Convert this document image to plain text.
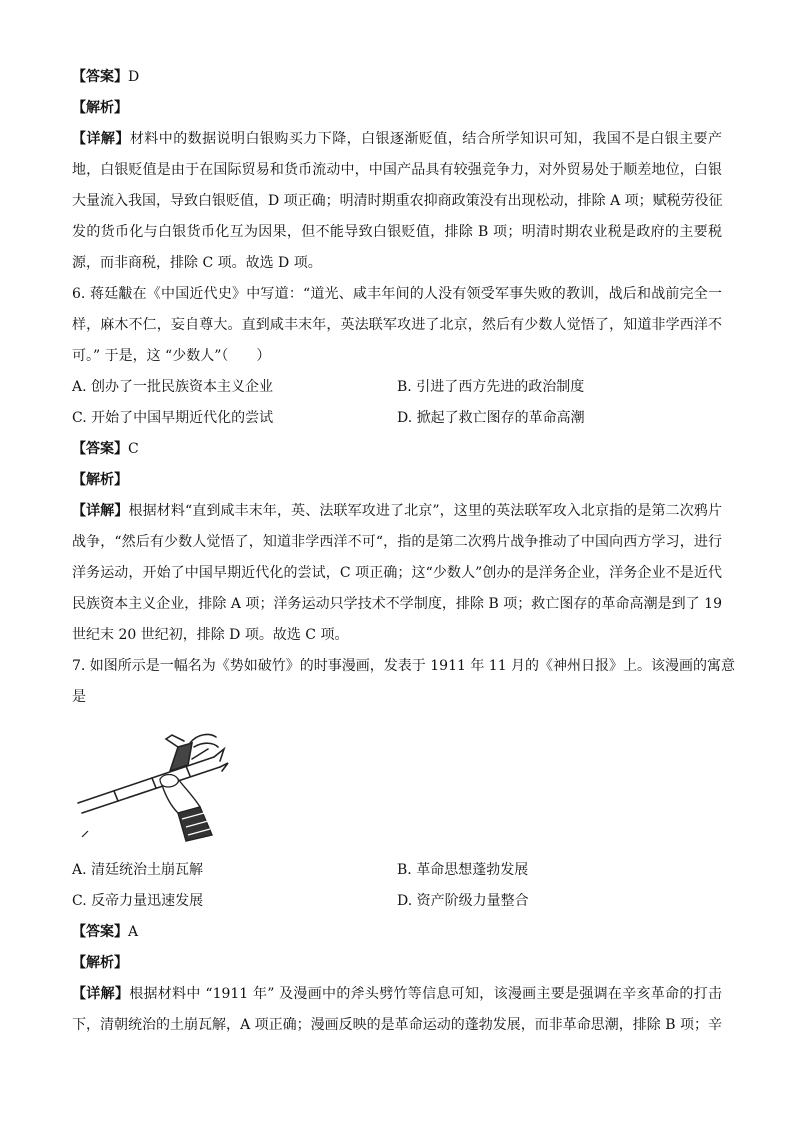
【答案】D
【解析】
【详解】材料中的数据说明白银购买力下降，白银逐渐贬值，结合所学知识可知，我国不是白银主要产
地，白银贬值是由于在国际贸易和货币流动中，中国产品具有较强竞争力，对外贸易处于顺差地位，白银
大量流入我国，导致白银贬值，D 项正确；明清时期重农抑商政策没有出现松动，排除 A 项；赋税劳役征
发的货币化与白银货币化互为因果，但不能导致白银贬值，排除 B 项；明清时期农业税是政府的主要税
源，而非商税，排除 C 项。故选 D 项。
6. 蒋廷黻在《中国近代史》中写道：“道光、咸丰年间的人没有领受军事失败的教训，战后和战前完全一
样，麻木不仁，妄自尊大。直到咸丰末年，英法联军攻进了北京，然后有少数人觉悟了，知道非学西洋不
可。” 于是，这 “少数人”（　　）
A. 创办了一批民族资本主义企业	B. 引进了西方先进的政治制度
C. 开始了中国早期近代化的尝试	D. 掀起了救亡图存的革命高潮
【答案】C
【解析】
【详解】根据材料“直到咸丰末年，英、法联军攻进了北京”，这里的英法联军攻入北京指的是第二次鸦片
战争，“然后有少数人觉悟了，知道非学西洋不可“，指的是第二次鸦片战争推动了中国向西方学习，进行
洋务运动，开始了中国早期近代化的尝试，C 项正确；这“少数人”创办的是洋务企业，洋务企业不是近代
民族资本主义企业，排除 A 项；洋务运动只学技术不学制度，排除 B 项；救亡图存的革命高潮是到了 19
世纪末 20 世纪初，排除 D 项。故选 C 项。
7. 如图所示是一幅名为《势如破竹》的时事漫画，发表于 1911 年 11 月的《神州日报》上。该漫画的寓意
是
A. 清廷统治土崩瓦解	B. 革命思想蓬勃发展
C. 反帝力量迅速发展	D. 资产阶级力量整合
【答案】A
【解析】
【详解】根据材料中 “1911 年” 及漫画中的斧头劈竹等信息可知，该漫画主要是强调在辛亥革命的打击
下，清朝统治的土崩瓦解，A 项正确；漫画反映的是革命运动的蓬勃发展，而非革命思潮，排除 B 项；辛
